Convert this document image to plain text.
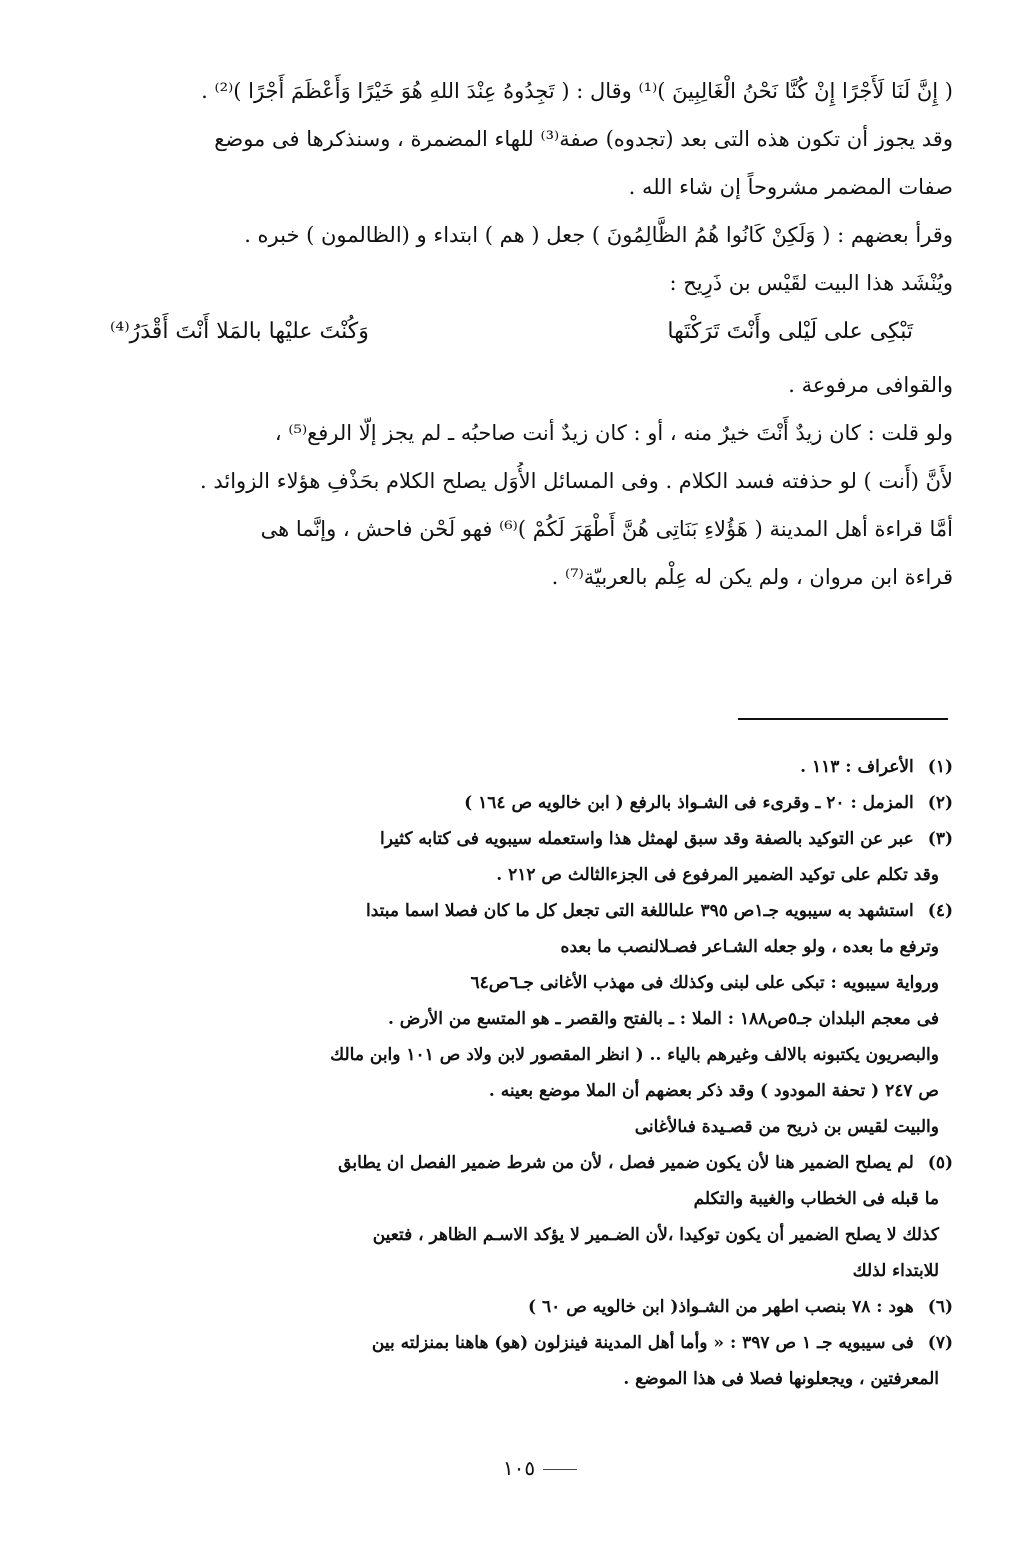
( إِنَّ لَنَا لَأَجْرًا إِنْ كُنَّا نَحْنُ الْغَالِبِينَ )⁽¹⁾ وقال : ( تَجِدُوهُ عِنْدَ اللهِ هُوَ خَيْرًا وَأَعْظَمَ أَجْرًا )⁽²⁾ .

وقد يجوز أن تكون هذه التى بعد (تجدوه) صفة⁽³⁾ للهاء المضمرة ، وسنذكرها فى موضع

صفات المضمر مشروحاً إن شاء الله .

وقرأ بعضهم : ( وَلَكِنْ كَانُوا هُمُ الظَّالِمُونَ ) جعل ( هم ) ابتداء و (الظالمون ) خبره .

ويُنْشَد هذا البيت لقَيْس بن ذَرِيح :

تَبْكِى على لَيْلى وأَنْتَ تَرَكْتَها
وَكُنْتَ عليْها بالمَلا أَنْتَ أَقْدَرُ⁽⁴⁾

والقوافى مرفوعة .

ولو قلت : كان زيدٌ أَنْتَ خيرٌ منه ، أو : كان زيدٌ أنت صاحبُه ـ لم يجز إلّا الرفع⁽⁵⁾ ،

لأَنَّ (أَنت ) لو حذفته فسد الكلام . وفى المسائل الأُوَل يصلح الكلام بحَذْفِ هؤلاء الزوائد .

أمَّا قراءة أهل المدينة ( هَؤُلاءِ بَنَاتِى هُنَّ أَطْهَرَ لَكُمْ )⁽⁶⁾ فهو لَحْن فاحش ، وإنَّما هى

قراءة ابن مروان ، ولم يكن له عِلْم بالعربيّة⁽⁷⁾ .

(١)الأعراف : ١١٣ .

(٢)المزمل : ٢٠ ـ وقرىء فى الشـواذ بالرفع ( ابن خالويه ص ١٦٤ )

(٣)عبر عن التوكيد بالصفة وقد سبق لهمثل هذا واستعمله سيبويه فى كتابه كثيرا

وقد تكلم على توكيد الضمير المرفوع فى الجزءالثالث ص ٢١٢ .

(٤)استشهد به سيبويه جـ١ص ٣٩٥ علىاللغة التى تجعل كل ما كان فصلا اسما مبتدا

وترفع ما بعده ، ولو جعله الشـاعر فصـلالنصب ما بعده

ورواية سيبويه : تبكى على لبنى وكذلك فى مهذب الأغانى جـ٦ص٦٤

فى معجم البلدان جـ٥ص١٨٨ : الملا : ـ بالفتح والقصر ـ هو المتسع من الأرض .

والبصريون يكتبونه بالالف وغيرهم بالياء .. ( انظر المقصور لابن ولاد ص ١٠١ وابن مالك

ص ٢٤٧ ( تحفة المودود ) وقد ذكر بعضهم أن الملا موضع بعينه .

والبيت لقيس بن ذريح من قصـيدة فىالأغانى

(٥)لم يصلح الضمير هنا لأن يكون ضمير فصل ، لأن من شرط ضمير الفصل ان يطابق

ما قبله فى الخطاب والغيبة والتكلم

كذلك لا يصلح الضمير أن يكون توكيدا ،لأن الضـمير لا يؤكد الاسـم الظاهر ، فتعين

للابتداء لذلك

(٦)هود : ٧٨ بنصب اطهر من الشـواذ( ابن خالويه ص ٦٠ )

(٧)فى سيبويه جـ ١ ص ٣٩٧ : « وأما أهل المدينة فينزلون (هو) هاهنا بمنزلته بين

المعرفتين ، ويجعلونها فصلا فى هذا الموضع .

١٠٥
